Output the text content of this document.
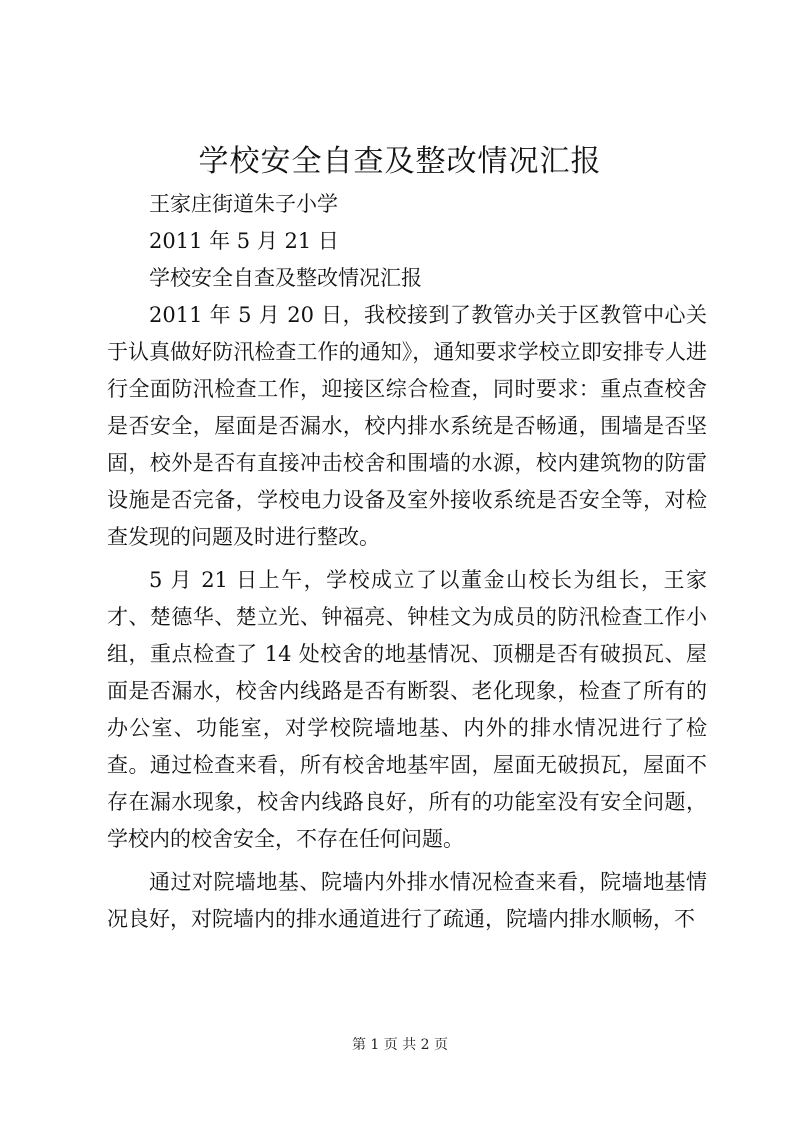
学校安全自查及整改情况汇报

王家庄街道朱子小学

2011 年 5 月 21 日

学校安全自查及整改情况汇报

2011 年 5 月 20 日，我校接到了教管办关于区教管中心关于认真做好防汛检查工作的通知》，通知要求学校立即安排专人进行全面防汛检查工作，迎接区综合检查，同时要求：重点查校舍是否安全，屋面是否漏水，校内排水系统是否畅通，围墙是否坚固，校外是否有直接冲击校舍和围墙的水源，校内建筑物的防雷设施是否完备，学校电力设备及室外接收系统是否安全等，对检查发现的问题及时进行整改。

5 月 21 日上午，学校成立了以董金山校长为组长，王家才、楚德华、楚立光、钟福亮、钟桂文为成员的防汛检查工作小组，重点检查了 14 处校舍的地基情况、顶棚是否有破损瓦、屋面是否漏水，校舍内线路是否有断裂、老化现象，检查了所有的办公室、功能室，对学校院墙地基、内外的排水情况进行了检查。通过检查来看，所有校舍地基牢固，屋面无破损瓦，屋面不存在漏水现象，校舍内线路良好，所有的功能室没有安全问题，学校内的校舍安全，不存在任何问题。

通过对院墙地基、院墙内外排水情况检查来看，院墙地基情况良好，对院墙内的排水通道进行了疏通，院墙内排水顺畅，不

第 1 页 共 2 页
